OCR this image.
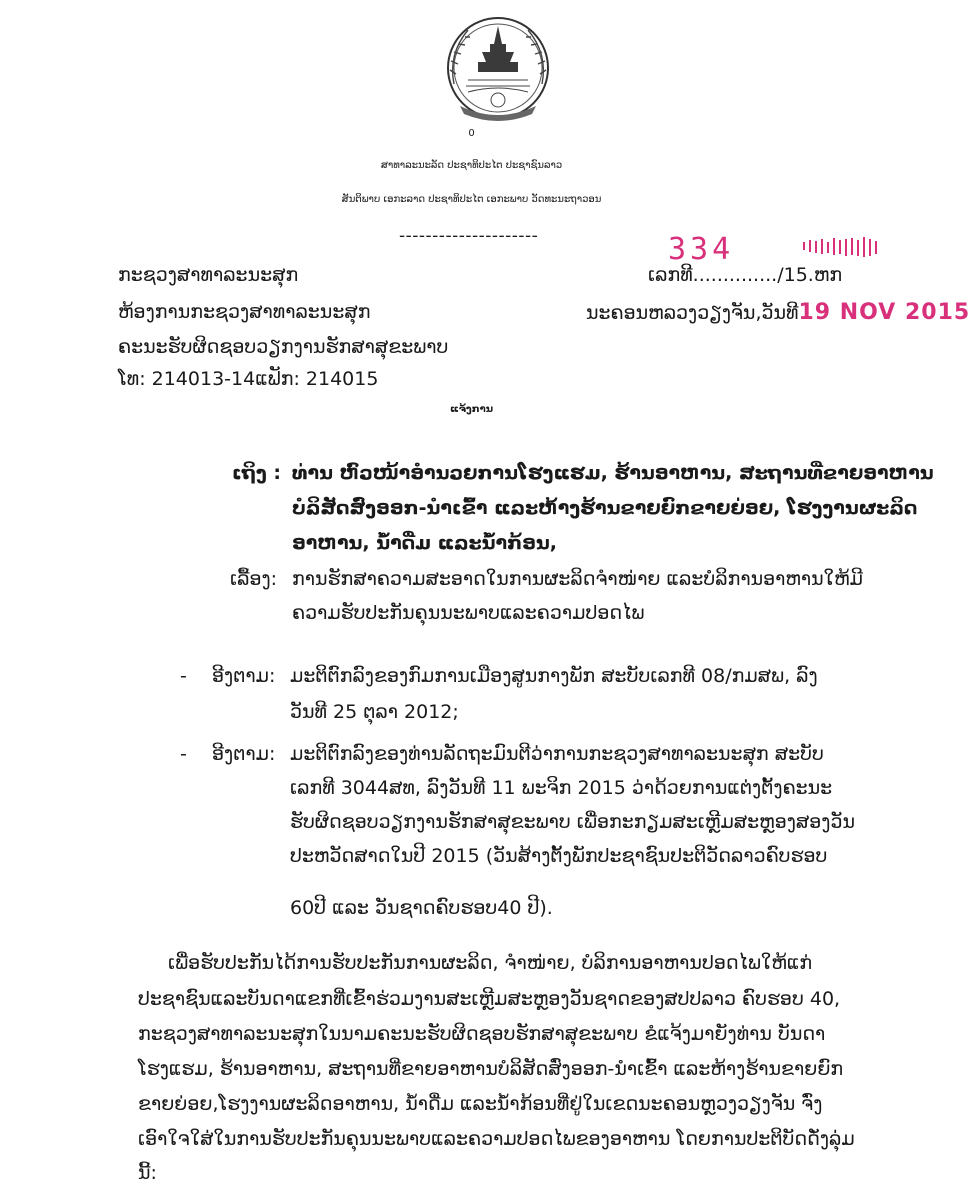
0
ສາທາລະນະລັດ ປະຊາທິປະໄຕ ປະຊາຊົນລາວ
ສັນຕິພາບ ເອກະລາດ ປະຊາທິປະໄຕ ເອກະພາບ ວັດທະນະຖາວອນ
---------------------
ກະຊວງສາທາລະນະສຸກ
ຫ້ອງການກະຊວງສາທາລະນະສຸກ
ຄະນະຮັບຜິດຊອບວຽກງານຮັກສາສຸຂະພາບ
ໂທ: 214013-14ແຟັກ: 214015
334
ເລກທີ............../15.ຫກ
ນະຄອນຫລວງວຽງຈັນ,ວັນທີ19 NOV 2015
ແຈ້ງການ
ເຖິງ : ທ່ານ ຫົວໜ້າອຳນວຍການໂຮງແຮມ, ຮ້ານອາຫານ, ສະຖານທີ່ຂາຍອາຫານ
ບໍລິສັດສົ່ງອອກ-ນຳເຂົ້າ ແລະຫ້າງຮ້ານຂາຍຍົກຂາຍຍ່ອຍ, ໂຮງງານຜະລິດ
ອາຫານ, ນ້ຳດື່ມ ແລະນ້ຳກ້ອນ,
ເລື້ອງ: ການຮັກສາຄວາມສະອາດໃນການຜະລິດຈຳໜ່າຍ ແລະບໍລິການອາຫານໃຫ້ມີ
ຄວາມຮັບປະກັນຄຸນນະພາບແລະຄວາມປອດໄພ
- ອີງຕາມ: ມະຕິຕົກລົງຂອງກົມການເມືອງສູນກາງພັກ ສະບັບເລກທີ 08/ກມສພ, ລົງ
ວັນທີ 25 ຕຸລາ 2012;
- ອີງຕາມ: ມະຕິຕົກລົງຂອງທ່ານລັດຖະມົນຕີວ່າການກະຊວງສາທາລະນະສຸກ ສະບັບ
ເລກທີ 3044ສທ, ລົງວັນທີ 11 ພະຈິກ 2015 ວ່າດ້ວຍການແຕ່ງຕັ້ງຄະນະ
ຮັບຜິດຊອບວຽກງານຮັກສາສຸຂະພາບ ເພື່ອກະກຽມສະເຫຼີມສະຫຼອງສອງວັນ
ປະຫວັດສາດໃນປີ 2015 (ວັນສ້າງຕັ້ງພັກປະຊາຊົນປະຕິວັດລາວຄົບຮອບ
60ປີ ແລະ ວັນຊາດຄົບຮອບ40 ປີ).
ເພື່ອຮັບປະກັນໄດ້ການຮັບປະກັນການຜະລິດ, ຈຳໜ່າຍ, ບໍລິການອາຫານປອດໄພໃຫ້ແກ່
ປະຊາຊົນແລະບັນດາແຂກທີ່ເຂົ້າຮ່ວມງານສະເຫຼີມສະຫຼອງວັນຊາດຂອງສປປລາວ ຄົບຮອບ 40,
ກະຊວງສາທາລະນະສຸກໃນນາມຄະນະຮັບຜິດຊອບຮັກສາສຸຂະພາບ ຂໍແຈ້ງມາຍັງທ່ານ ບັນດາ
ໂຮງແຮມ, ຮ້ານອາຫານ, ສະຖານທີ່ຂາຍອາຫານບໍລິສັດສົ່ງອອກ-ນຳເຂົ້າ ແລະຫ້າງຮ້ານຂາຍຍົກ
ຂາຍຍ່ອຍ,ໂຮງງານຜະລິດອາຫານ, ນ້ຳດື່ມ ແລະນ້ຳກ້ອນທີ່ຢູ່ໃນເຂດນະຄອນຫຼວງວຽງຈັນ ຈົ່ງ
ເອົາໃຈໃສ່ໃນການຮັບປະກັນຄຸນນະພາບແລະຄວາມປອດໄພຂອງອາຫານ ໂດຍການປະຕິບັດດັ່ງລຸ່ມ
ນີ້:
